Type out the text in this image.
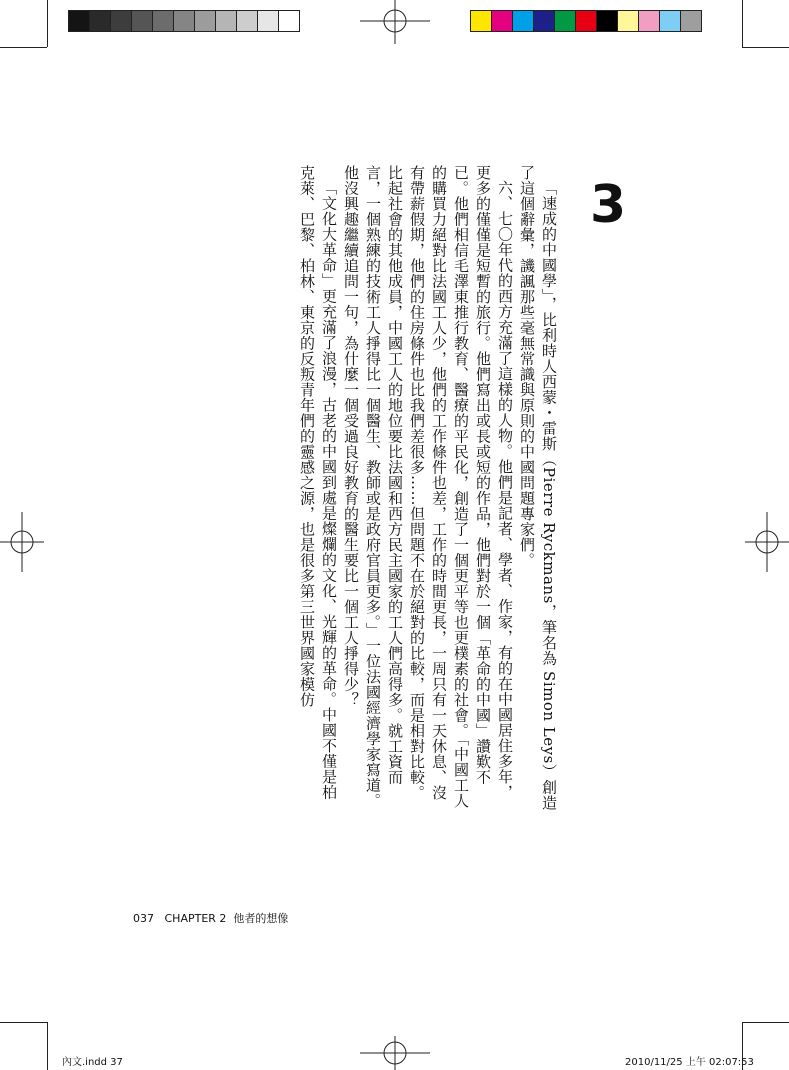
3

「速成的中國學」，比利時人西蒙・雷斯（Pierre Ryckmans，筆名為 Simon Leys）創造了這個辭彙，譏諷那些毫無常識與原則的中國問題專家們。

六、七〇年代的西方充滿了這樣的人物。他們是記者、學者、作家，有的在中國居住多年，更多的僅僅是短暫的旅行。他們寫出或長或短的作品，他們對於一個「革命的中國」讚歎不已。他們相信毛澤東推行教育、醫療的平民化，創造了一個更平等也更樸素的社會。「中國工人的購買力絕對比法國工人少，他們的工作條件也差，工作的時間更長，一周只有一天休息、沒有帶薪假期，他們的住房條件也比我們差很多……但問題不在於絕對的比較，而是相對比較。比起社會的其他成員，中國工人的地位要比法國和西方民主國家的工人們高得多。就工資而言，一個熟練的技術工人掙得比一個醫生、教師或是政府官員更多。」一位法國經濟學家寫道。他沒興趣繼續追問一句，為什麼一個受過良好教育的醫生要比一個工人掙得少？

「文化大革命」更充滿了浪漫，古老的中國到處是燦爛的文化、光輝的革命。中國不僅是柏克萊、巴黎、柏林、東京的反叛青年們的靈感之源，也是很多第三世界國家模仿

037 CHAPTER 2 他者的想像
內文.indd 37	2010/11/25 上午 02:07:53
